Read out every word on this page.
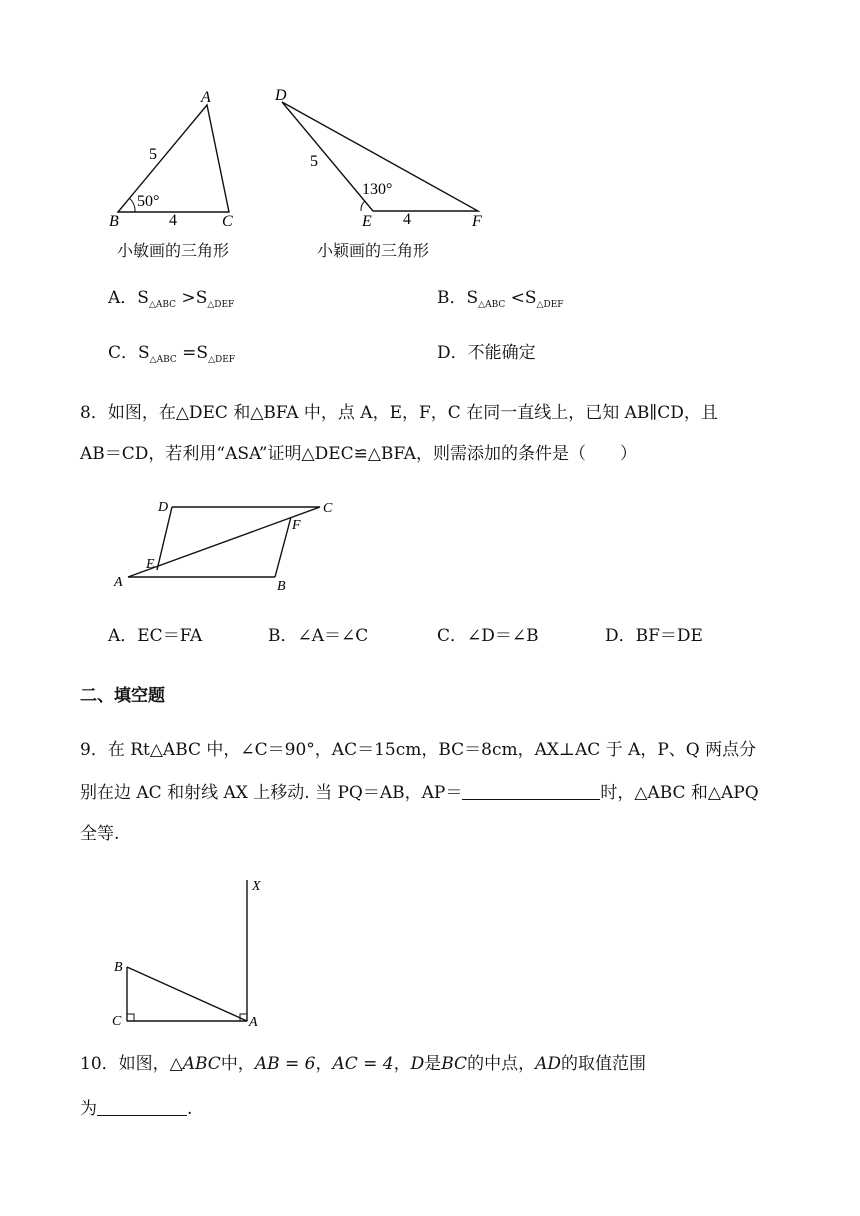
A
B	C
5
4
50°
小敏画的三角形
D
E	F
5
4
130°
小颖画的三角形
A．$S_{\triangle ABC} >S_{\triangle DEF}$	B．$S_{\triangle ABC} <S_{\triangle DEF}$
C．$S_{\triangle ABC} =S_{\triangle DEF}$	D．不能确定
8．如图，在△DEC 和△BFA 中，点 A，E，F，C 在同一直线上，已知 AB∥CD，且
AB＝CD，若利用“ASA”证明△DEC≌△BFA，则需添加的条件是（　　）
D	C
F
E
A	B
A．EC＝FA	B．∠A＝∠C	C．∠D＝∠B	D．BF＝DE
二、填空题
9．在 Rt△ABC 中，∠C＝90°，AC＝15cm，BC＝8cm，AX⊥AC 于 A，P、Q 两点分
别在边 AC 和射线 AX 上移动. 当 PQ＝AB，AP＝	时，△ABC 和△APQ
全等.
X
B
C	A
10．如图，△ABC中，AB = 6，AC = 4，D是BC的中点，AD的取值范围
为	.
